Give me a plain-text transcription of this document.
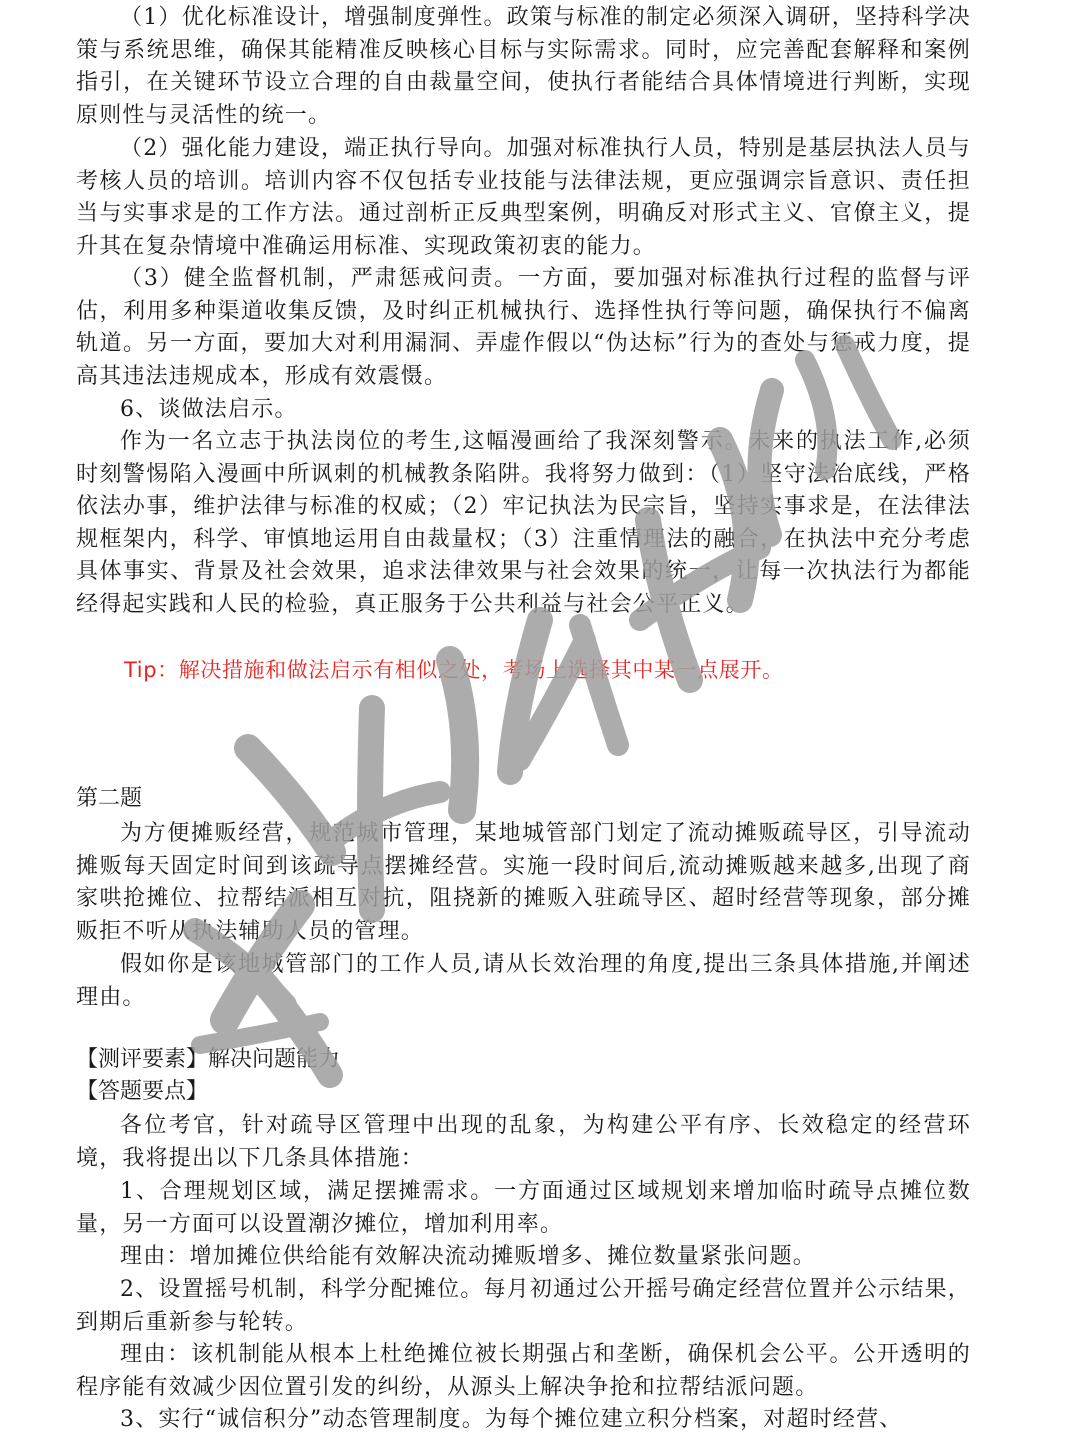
（1）优化标准设计，增强制度弹性。政策与标准的制定必须深入调研，坚持科学决策与系统思维，确保其能精准反映核心目标与实际需求。同时，应完善配套解释和案例指引，在关键环节设立合理的自由裁量空间，使执行者能结合具体情境进行判断，实现原则性与灵活性的统一。

（2）强化能力建设，端正执行导向。加强对标准执行人员，特别是基层执法人员与考核人员的培训。培训内容不仅包括专业技能与法律法规，更应强调宗旨意识、责任担当与实事求是的工作方法。通过剖析正反典型案例，明确反对形式主义、官僚主义，提升其在复杂情境中准确运用标准、实现政策初衷的能力。

（3）健全监督机制，严肃惩戒问责。一方面，要加强对标准执行过程的监督与评估，利用多种渠道收集反馈，及时纠正机械执行、选择性执行等问题，确保执行不偏离轨道。另一方面，要加大对利用漏洞、弄虚作假以“伪达标”行为的查处与惩戒力度，提高其违法违规成本，形成有效震慑。

6、谈做法启示。

作为一名立志于执法岗位的考生,这幅漫画给了我深刻警示。未来的执法工作,必须时刻警惕陷入漫画中所讽刺的机械教条陷阱。我将努力做到：（1）坚守法治底线，严格依法办事，维护法律与标准的权威；（2）牢记执法为民宗旨，坚持实事求是，在法律法规框架内，科学、审慎地运用自由裁量权；（3）注重情理法的融合，在执法中充分考虑具体事实、背景及社会效果，追求法律效果与社会效果的统一，让每一次执法行为都能经得起实践和人民的检验，真正服务于公共利益与社会公平正义。

Tip：解决措施和做法启示有相似之处，考场上选择其中某一点展开。

第二题

为方便摊贩经营，规范城市管理，某地城管部门划定了流动摊贩疏导区，引导流动摊贩每天固定时间到该疏导点摆摊经营。实施一段时间后,流动摊贩越来越多,出现了商家哄抢摊位、拉帮结派相互对抗，阻挠新的摊贩入驻疏导区、超时经营等现象，部分摊贩拒不听从执法辅助人员的管理。

假如你是该地城管部门的工作人员,请从长效治理的角度,提出三条具体措施,并阐述理由。

【测评要素】解决问题能力

【答题要点】

各位考官，针对疏导区管理中出现的乱象，为构建公平有序、长效稳定的经营环境，我将提出以下几条具体措施：

1、合理规划区域，满足摆摊需求。一方面通过区域规划来增加临时疏导点摊位数量，另一方面可以设置潮汐摊位，增加利用率。

理由：增加摊位供给能有效解决流动摊贩增多、摊位数量紧张问题。

2、设置摇号机制，科学分配摊位。每月初通过公开摇号确定经营位置并公示结果，到期后重新参与轮转。

理由：该机制能从根本上杜绝摊位被长期强占和垄断，确保机会公平。公开透明的程序能有效减少因位置引发的纠纷，从源头上解决争抢和拉帮结派问题。

3、实行“诚信积分”动态管理制度。为每个摊位建立积分档案，对超时经营、
